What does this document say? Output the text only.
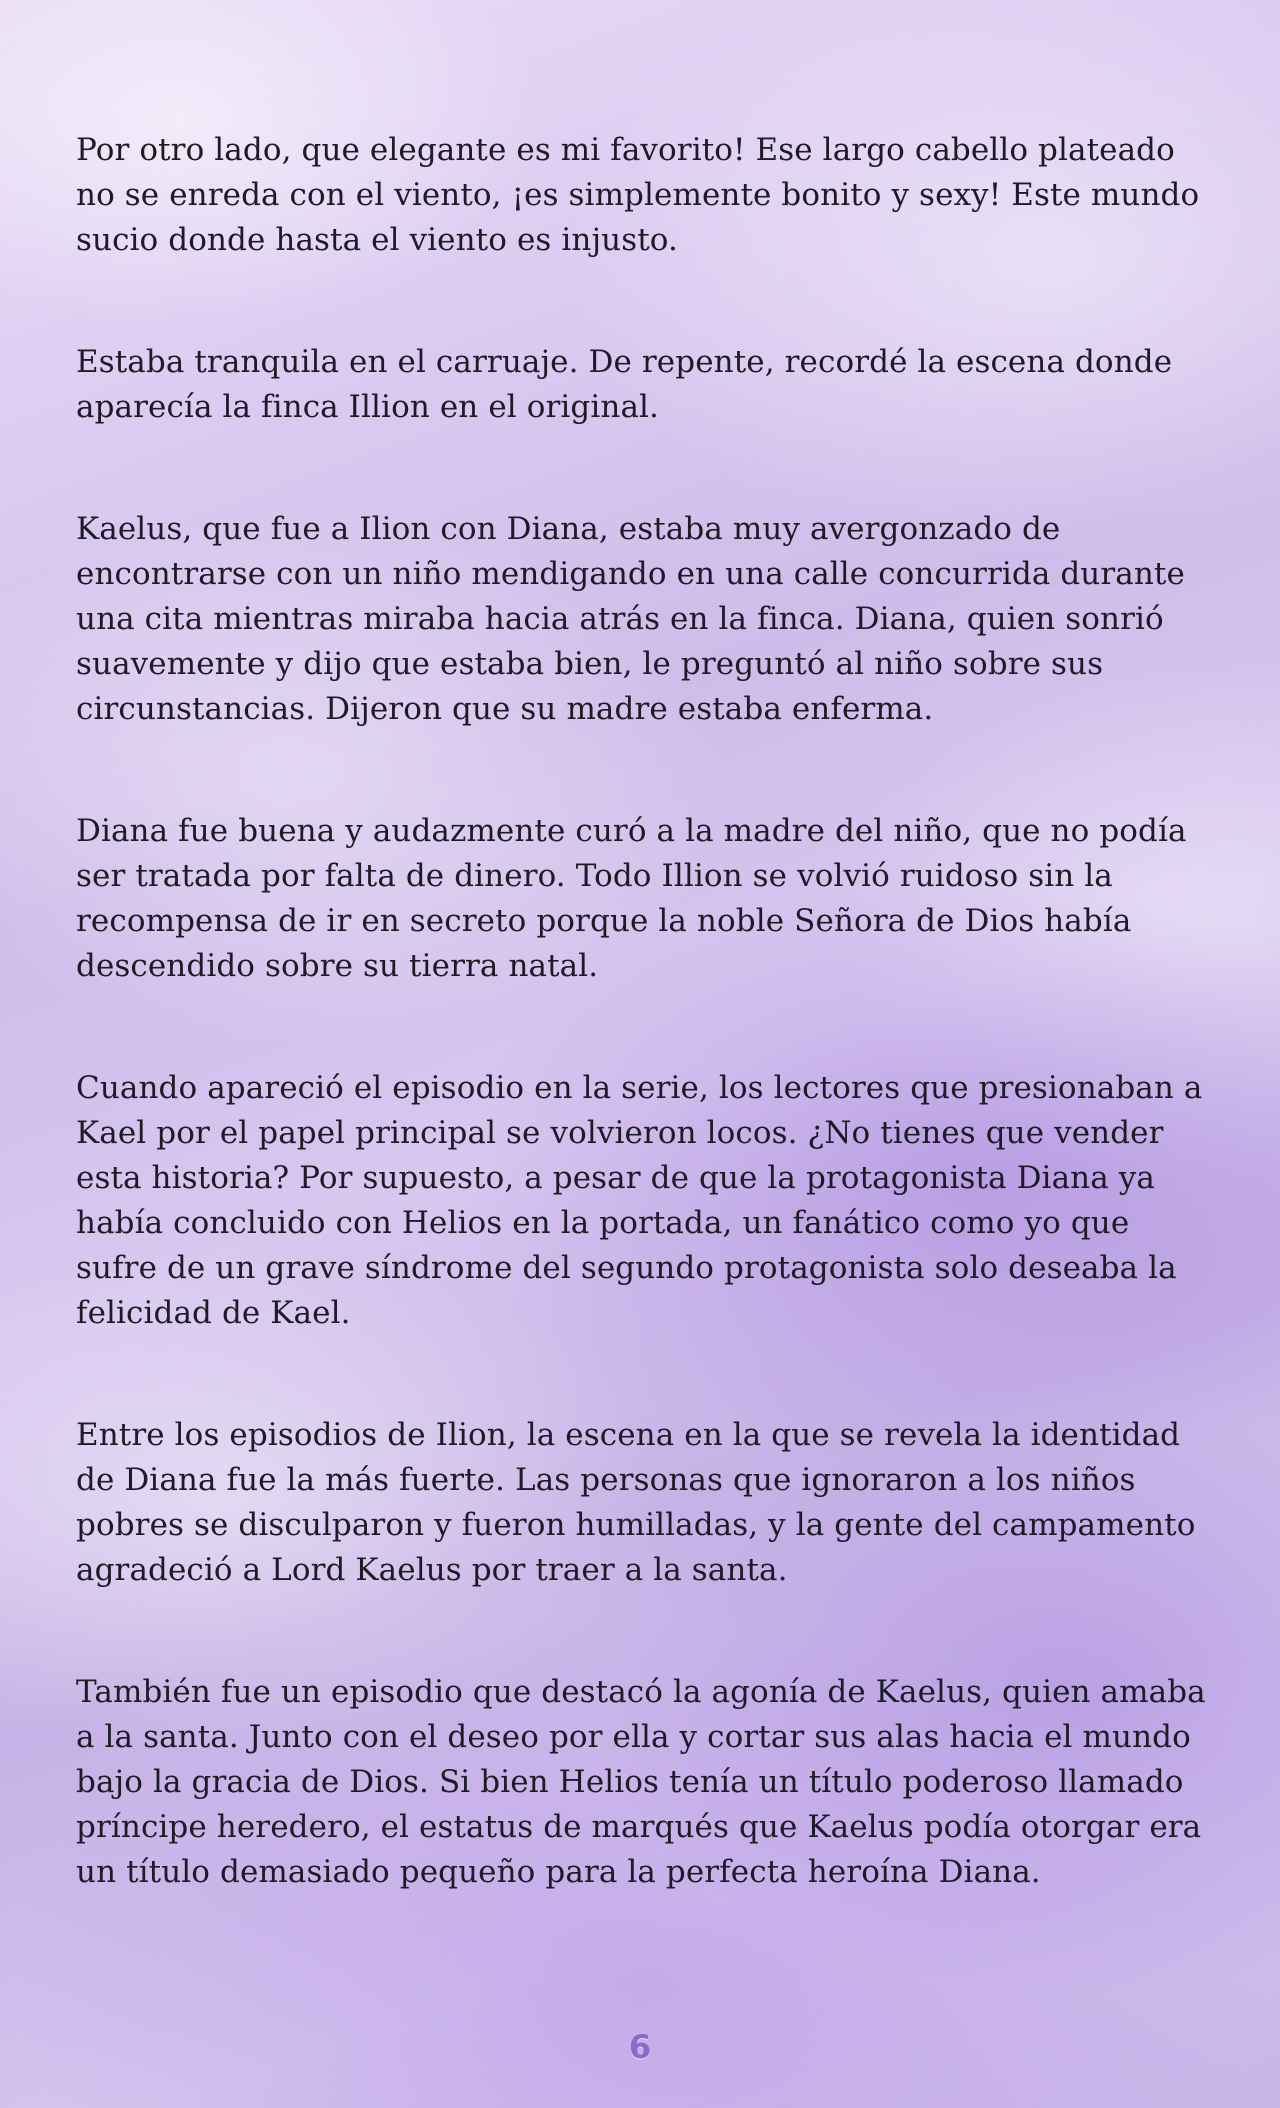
Por otro lado, que elegante es mi favorito! Ese largo cabello plateado no se enreda con el viento, ¡es simplemente bonito y sexy! Este mundo sucio donde hasta el viento es injusto.

Estaba tranquila en el carruaje. De repente, recordé la escena donde aparecía la finca Illion en el original.

Kaelus, que fue a Ilion con Diana, estaba muy avergonzado de encontrarse con un niño mendigando en una calle concurrida durante una cita mientras miraba hacia atrás en la finca. Diana, quien sonrió suavemente y dijo que estaba bien, le preguntó al niño sobre sus circunstancias. Dijeron que su madre estaba enferma.

Diana fue buena y audazmente curó a la madre del niño, que no podía ser tratada por falta de dinero. Todo Illion se volvió ruidoso sin la recompensa de ir en secreto porque la noble Señora de Dios había descendido sobre su tierra natal.

Cuando apareció el episodio en la serie, los lectores que presionaban a Kael por el papel principal se volvieron locos. ¿No tienes que vender esta historia? Por supuesto, a pesar de que la protagonista Diana ya había concluido con Helios en la portada, un fanático como yo que sufre de un grave síndrome del segundo protagonista solo deseaba la felicidad de Kael.

Entre los episodios de Ilion, la escena en la que se revela la identidad de Diana fue la más fuerte. Las personas que ignoraron a los niños pobres se disculparon y fueron humilladas, y la gente del campamento agradeció a Lord Kaelus por traer a la santa.

También fue un episodio que destacó la agonía de Kaelus, quien amaba a la santa. Junto con el deseo por ella y cortar sus alas hacia el mundo bajo la gracia de Dios. Si bien Helios tenía un título poderoso llamado príncipe heredero, el estatus de marqués que Kaelus podía otorgar era un título demasiado pequeño para la perfecta heroína Diana.

6
